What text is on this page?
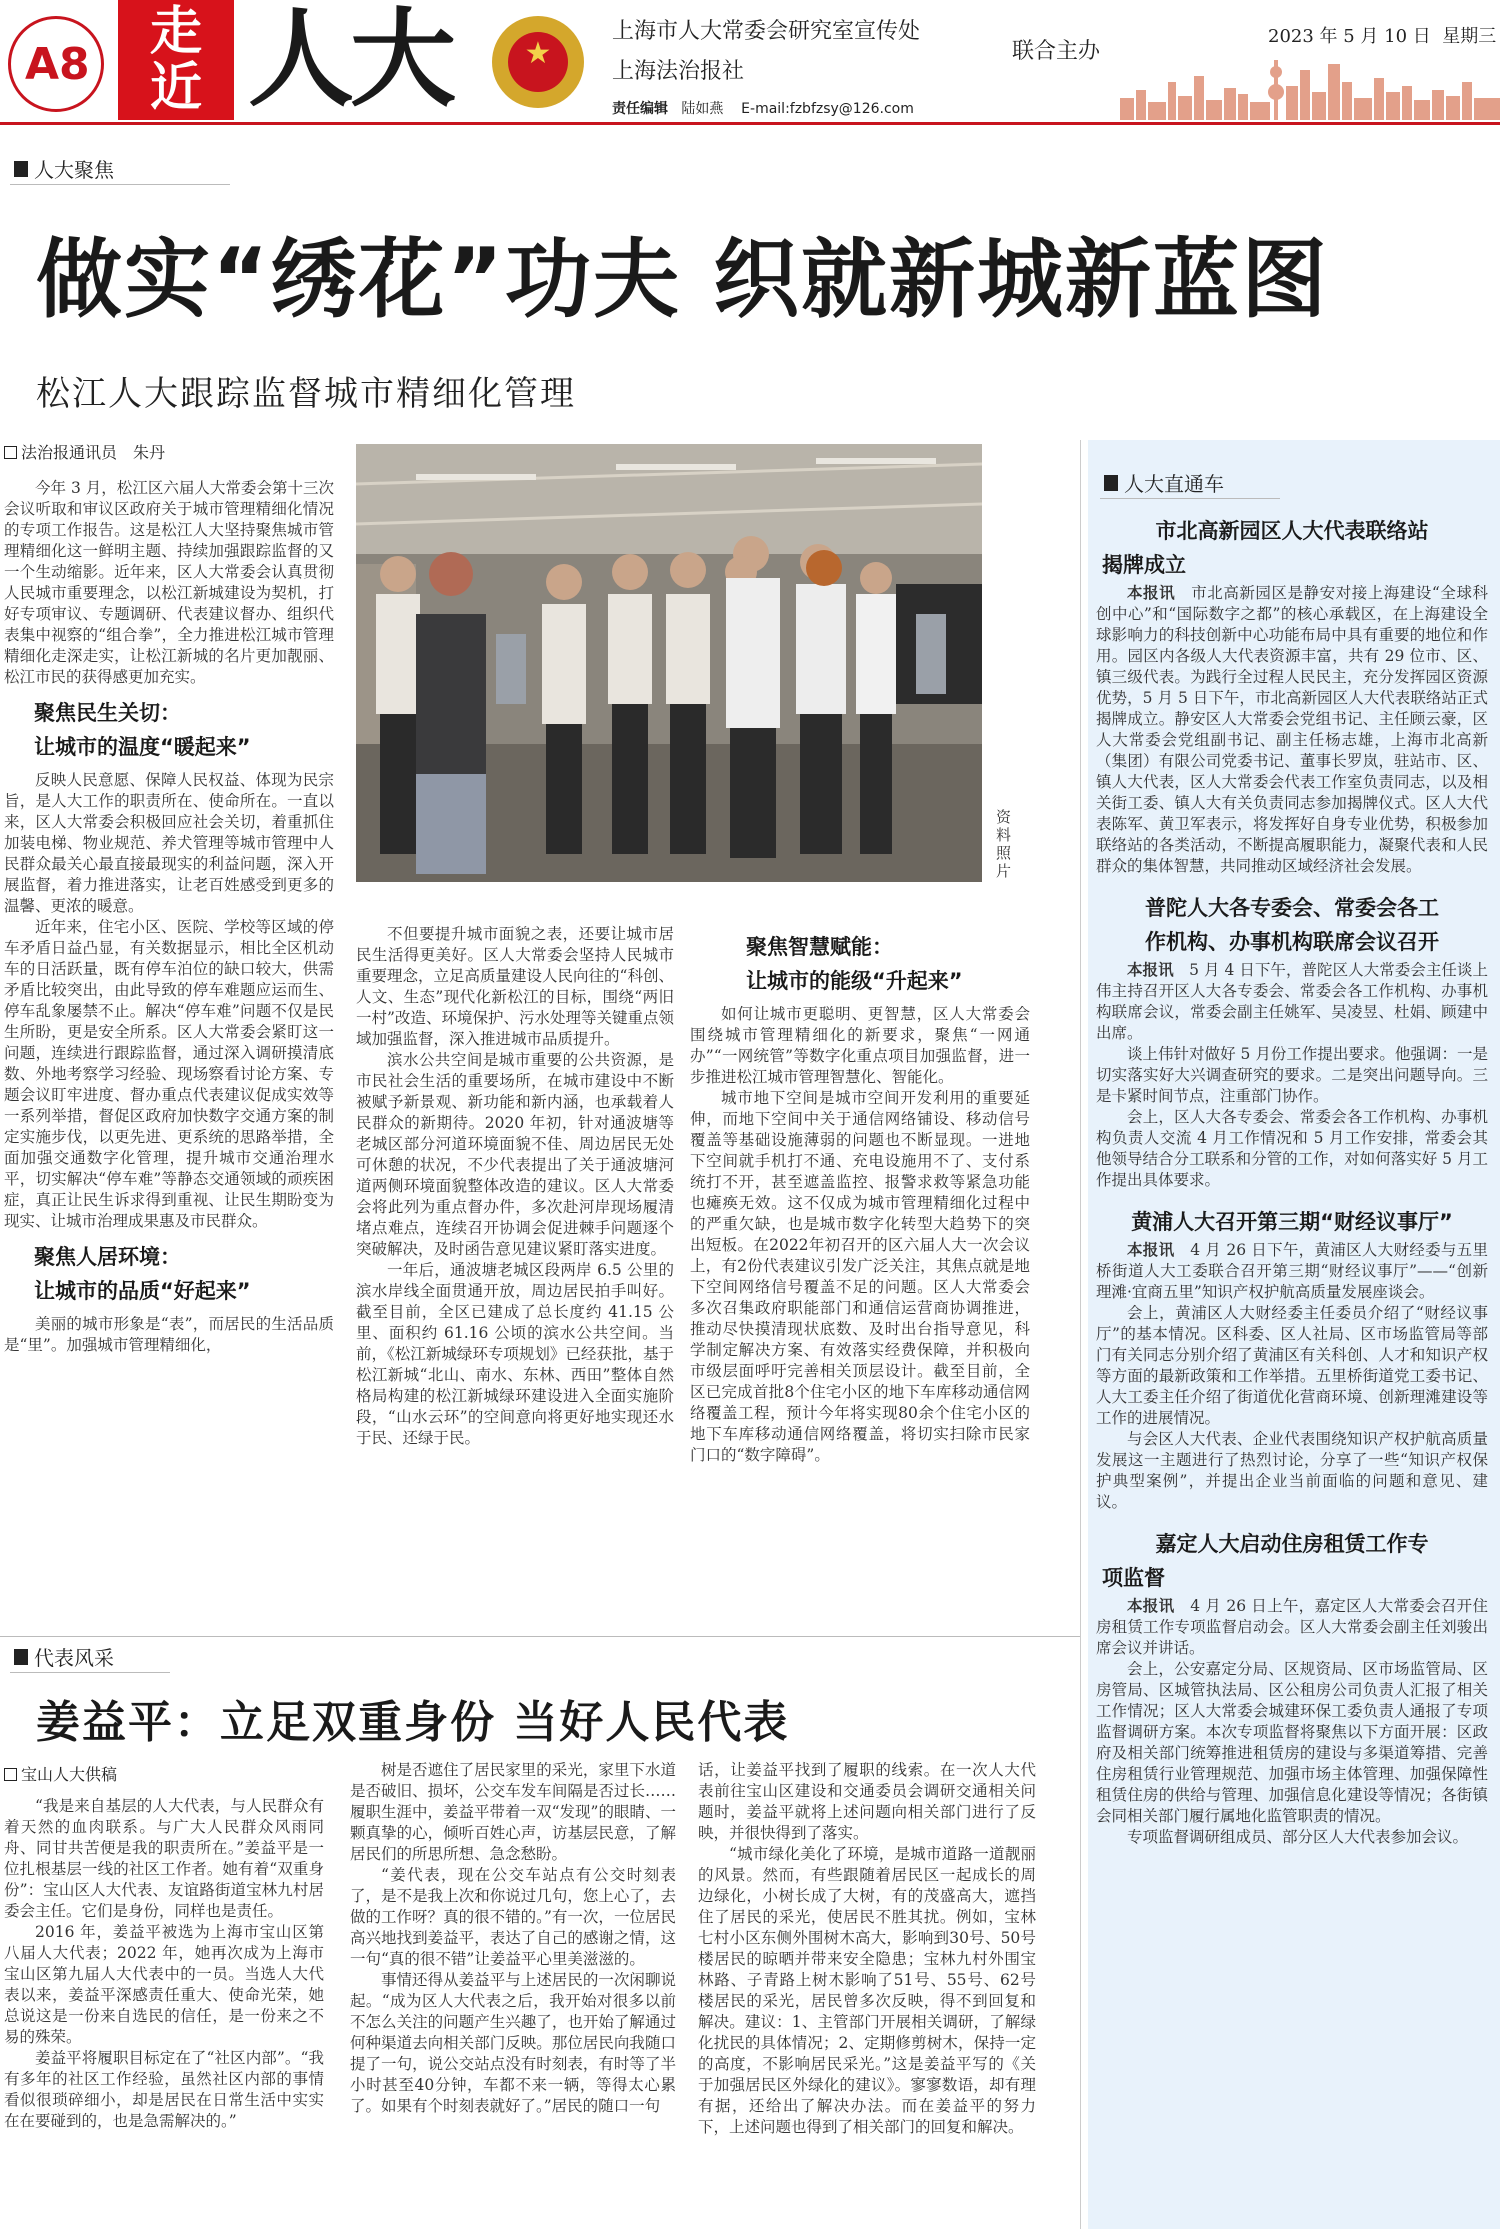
A8
走
近 人大 ★
上海市人大常委会研究室宣传处
上海法治报社
责任编辑 陆如燕 E-mail:fzbfzsy@126.com
联合主办
2023 年 5 月 10 日 星期三
人大聚焦
做实“绣花”功夫 织就新城新蓝图
松江人大跟踪监督城市精细化管理
法治报通讯员　朱丹
资料照片

今年 3 月，松江区六届人大常委会第十三次会议听取和审议区政府关于城市管理精细化情况的专项工作报告。这是松江人大坚持聚焦城市管理精细化这一鲜明主题、持续加强跟踪监督的又一个生动缩影。近年来，区人大常委会认真贯彻人民城市重要理念，以松江新城建设为契机，打好专项审议、专题调研、代表建议督办、组织代表集中视察的“组合拳”，全力推进松江城市管理精细化走深走实，让松江新城的名片更加靓丽、松江市民的获得感更加充实。

聚焦民生关切：
让城市的温度“暖起来”

反映人民意愿、保障人民权益、体现为民宗旨，是人大工作的职责所在、使命所在。一直以来，区人大常委会积极回应社会关切，着重抓住加装电梯、物业规范、养犬管理等城市管理中人民群众最关心最直接最现实的利益问题，深入开展监督，着力推进落实，让老百姓感受到更多的温馨、更浓的暖意。

近年来，住宅小区、医院、学校等区域的停车矛盾日益凸显，有关数据显示，相比全区机动车的日活跃量，既有停车泊位的缺口较大，供需矛盾比较突出，由此导致的停车难题应运而生、停车乱象屡禁不止。解决“停车难”问题不仅是民生所盼，更是安全所系。区人大常委会紧盯这一问题，连续进行跟踪监督，通过深入调研摸清底数、外地考察学习经验、现场察看讨论方案、专题会议盯牢进度、督办重点代表建议促成实效等一系列举措，督促区政府加快数字交通方案的制定实施步伐，以更先进、更系统的思路举措，全面加强交通数字化管理，提升城市交通治理水平，切实解决“停车难”等静态交通领域的顽疾困症，真正让民生诉求得到重视、让民生期盼变为现实、让城市治理成果惠及市民群众。

聚焦人居环境：
让城市的品质“好起来”

美丽的城市形象是“表”，而居民的生活品质是“里”。加强城市管理精细化，

不但要提升城市面貌之表，还要让城市居民生活得更美好。区人大常委会坚持人民城市重要理念，立足高质量建设人民向往的“科创、人文、生态”现代化新松江的目标，围绕“两旧一村”改造、环境保护、污水处理等关键重点领域加强监督，深入推进城市品质提升。

滨水公共空间是城市重要的公共资源，是市民社会生活的重要场所，在城市建设中不断被赋予新景观、新功能和新内涵，也承载着人民群众的新期待。2020 年初，针对通波塘等老城区部分河道环境面貌不佳、周边居民无处可休憩的状况，不少代表提出了关于通波塘河道两侧环境面貌整体改造的建议。区人大常委会将此列为重点督办件，多次赴河岸现场履清堵点难点，连续召开协调会促进棘手问题逐个突破解决，及时函告意见建议紧盯落实进度。

一年后，通波塘老城区段两岸 6.5 公里的滨水岸线全面贯通开放，周边居民拍手叫好。截至目前，全区已建成了总长度约 41.15 公里、面积约 61.16 公顷的滨水公共空间。当前，《松江新城绿环专项规划》已经获批，基于松江新城“北山、南水、东林、西田”整体自然格局构建的松江新城绿环建设进入全面实施阶段，“山水云环”的空间意向将更好地实现还水于民、还绿于民。

聚焦智慧赋能：
让城市的能级“升起来”

如何让城市更聪明、更智慧，区人大常委会围绕城市管理精细化的新要求，聚焦“一网通办”“一网统管”等数字化重点项目加强监督，进一步推进松江城市管理智慧化、智能化。

城市地下空间是城市空间开发利用的重要延伸，而地下空间中关于通信网络铺设、移动信号覆盖等基础设施薄弱的问题也不断显现。一进地下空间就手机打不通、充电设施用不了、支付系统打不开，甚至遮盖监控、报警求救等紧急功能也瘫痪无效。这不仅成为城市管理精细化过程中的严重欠缺，也是城市数字化转型大趋势下的突出短板。在2022年初召开的区六届人大一次会议上，有2份代表建议引发广泛关注，其焦点就是地下空间网络信号覆盖不足的问题。区人大常委会多次召集政府职能部门和通信运营商协调推进，推动尽快摸清现状底数、及时出台指导意见，科学制定解决方案、有效落实经费保障，并积极向市级层面呼吁完善相关顶层设计。截至目前，全区已完成首批8个住宅小区的地下车库移动通信网络覆盖工程，预计今年将实现80余个住宅小区的地下车库移动通信网络覆盖，将切实扫除市民家门口的“数字障碍”。

人大直通车
市北高新园区人大代表联络站
揭牌成立

本报讯　 市北高新园区是静安对接上海建设“全球科创中心”和“国际数字之都”的核心承载区，在上海建设全球影响力的科技创新中心功能布局中具有重要的地位和作用。园区内各级人大代表资源丰富，共有 29 位市、区、镇三级代表。为践行全过程人民民主，充分发挥园区资源优势，5 月 5 日下午，市北高新园区人大代表联络站正式揭牌成立。静安区人大常委会党组书记、主任顾云豪，区人大常委会党组副书记、副主任杨志雄，上海市北高新（集团）有限公司党委书记、董事长罗岚，驻站市、区、镇人大代表，区人大常委会代表工作室负责同志，以及相关街工委、镇人大有关负责同志参加揭牌仪式。区人大代表陈军、黄卫军表示，将发挥好自身专业优势，积极参加联络站的各类活动，不断提高履职能力，凝聚代表和人民群众的集体智慧，共同推动区域经济社会发展。

普陀人大各专委会、常委会各工
作机构、办事机构联席会议召开

本报讯　 5 月 4 日下午，普陀区人大常委会主任谈上伟主持召开区人大各专委会、常委会各工作机构、办事机构联席会议，常委会副主任姚军、吴凌昱、杜娟、顾建中出席。

谈上伟针对做好 5 月份工作提出要求。他强调：一是切实落实好大兴调查研究的要求。二是突出问题导向。三是卡紧时间节点，注重部门协作。

会上，区人大各专委会、常委会各工作机构、办事机构负责人交流 4 月工作情况和 5 月工作安排，常委会其他领导结合分工联系和分管的工作，对如何落实好 5 月工作提出具体要求。

黄浦人大召开第三期“财经议事厅”

本报讯　 4 月 26 日下午，黄浦区人大财经委与五里桥街道人大工委联合召开第三期“财经议事厅”——“创新理滩·宜商五里”知识产权护航高质量发展座谈会。

会上，黄浦区人大财经委主任委员介绍了“财经议事厅”的基本情况。区科委、区人社局、区市场监管局等部门有关同志分别介绍了黄浦区有关科创、人才和知识产权等方面的最新政策和工作举措。五里桥街道党工委书记、人大工委主任介绍了街道优化营商环境、创新理滩建设等工作的进展情况。

与会区人大代表、企业代表围绕知识产权护航高质量发展这一主题进行了热烈讨论，分享了一些“知识产权保护典型案例”，并提出企业当前面临的问题和意见、建议。

嘉定人大启动住房租赁工作专
项监督

本报讯　 4 月 26 日上午，嘉定区人大常委会召开住房租赁工作专项监督启动会。区人大常委会副主任刘骏出席会议并讲话。

会上，公安嘉定分局、区规资局、区市场监管局、区房管局、区城管执法局、区公租房公司负责人汇报了相关工作情况；区人大常委会城建环保工委负责人通报了专项监督调研方案。本次专项监督将聚焦以下方面开展：区政府及相关部门统筹推进租赁房的建设与多渠道筹措、完善住房租赁行业管理规范、加强市场主体管理、加强保障性租赁住房的供给与管理、加强信息化建设等情况；各街镇会同相关部门履行属地化监管职责的情况。

专项监督调研组成员、部分区人大代表参加会议。

代表风采
姜益平：立足双重身份 当好人民代表
宝山人大供稿

“我是来自基层的人大代表，与人民群众有着天然的血肉联系。与广大人民群众风雨同舟、同甘共苦便是我的职责所在。”姜益平是一位扎根基层一线的社区工作者。她有着“双重身份”：宝山区人大代表、友谊路街道宝林九村居委会主任。它们是身份，同样也是责任。

2016 年，姜益平被选为上海市宝山区第八届人大代表；2022 年，她再次成为上海市宝山区第九届人大代表中的一员。当选人大代表以来，姜益平深感责任重大、使命光荣，她总说这是一份来自选民的信任，是一份来之不易的殊荣。

姜益平将履职目标定在了“社区内部”。“我有多年的社区工作经验，虽然社区内部的事情看似很琐碎细小，却是居民在日常生活中实实在在要碰到的，也是急需解决的。”

树是否遮住了居民家里的采光，家里下水道是否破旧、损坏，公交车发车间隔是否过长……履职生涯中，姜益平带着一双“发现”的眼睛、一颗真挚的心，倾听百姓心声，访基层民意，了解居民们的所思所想、急念愁盼。

“姜代表，现在公交车站点有公交时刻表了，是不是我上次和你说过几句，您上心了，去做的工作呀？真的很不错的。”有一次，一位居民高兴地找到姜益平，表达了自己的感谢之情，这一句“真的很不错”让姜益平心里美滋滋的。

事情还得从姜益平与上述居民的一次闲聊说起。“成为区人大代表之后，我开始对很多以前不怎么关注的问题产生兴趣了，也开始了解通过何种渠道去向相关部门反映。那位居民向我随口提了一句，说公交站点没有时刻表，有时等了半小时甚至40分钟，车都不来一辆，等得太心累了。如果有个时刻表就好了。”居民的随口一句

话，让姜益平找到了履职的线索。在一次人大代表前往宝山区建设和交通委员会调研交通相关问题时，姜益平就将上述问题向相关部门进行了反映，并很快得到了落实。

“城市绿化美化了环境，是城市道路一道靓丽的风景。然而，有些跟随着居民区一起成长的周边绿化，小树长成了大树，有的茂盛高大，遮挡住了居民的采光，使居民不胜其扰。例如，宝林七村小区东侧外围树木高大，影响到30号、50号楼居民的晾晒并带来安全隐患；宝林九村外围宝林路、子青路上树木影响了51号、55号、62号楼居民的采光，居民曾多次反映，得不到回复和解决。建议：1、主管部门开展相关调研，了解绿化扰民的具体情况；2、定期修剪树木，保持一定的高度，不影响居民采光。”这是姜益平写的《关于加强居民区外绿化的建议》。寥寥数语，却有理有据，还给出了解决办法。而在姜益平的努力下，上述问题也得到了相关部门的回复和解决。
